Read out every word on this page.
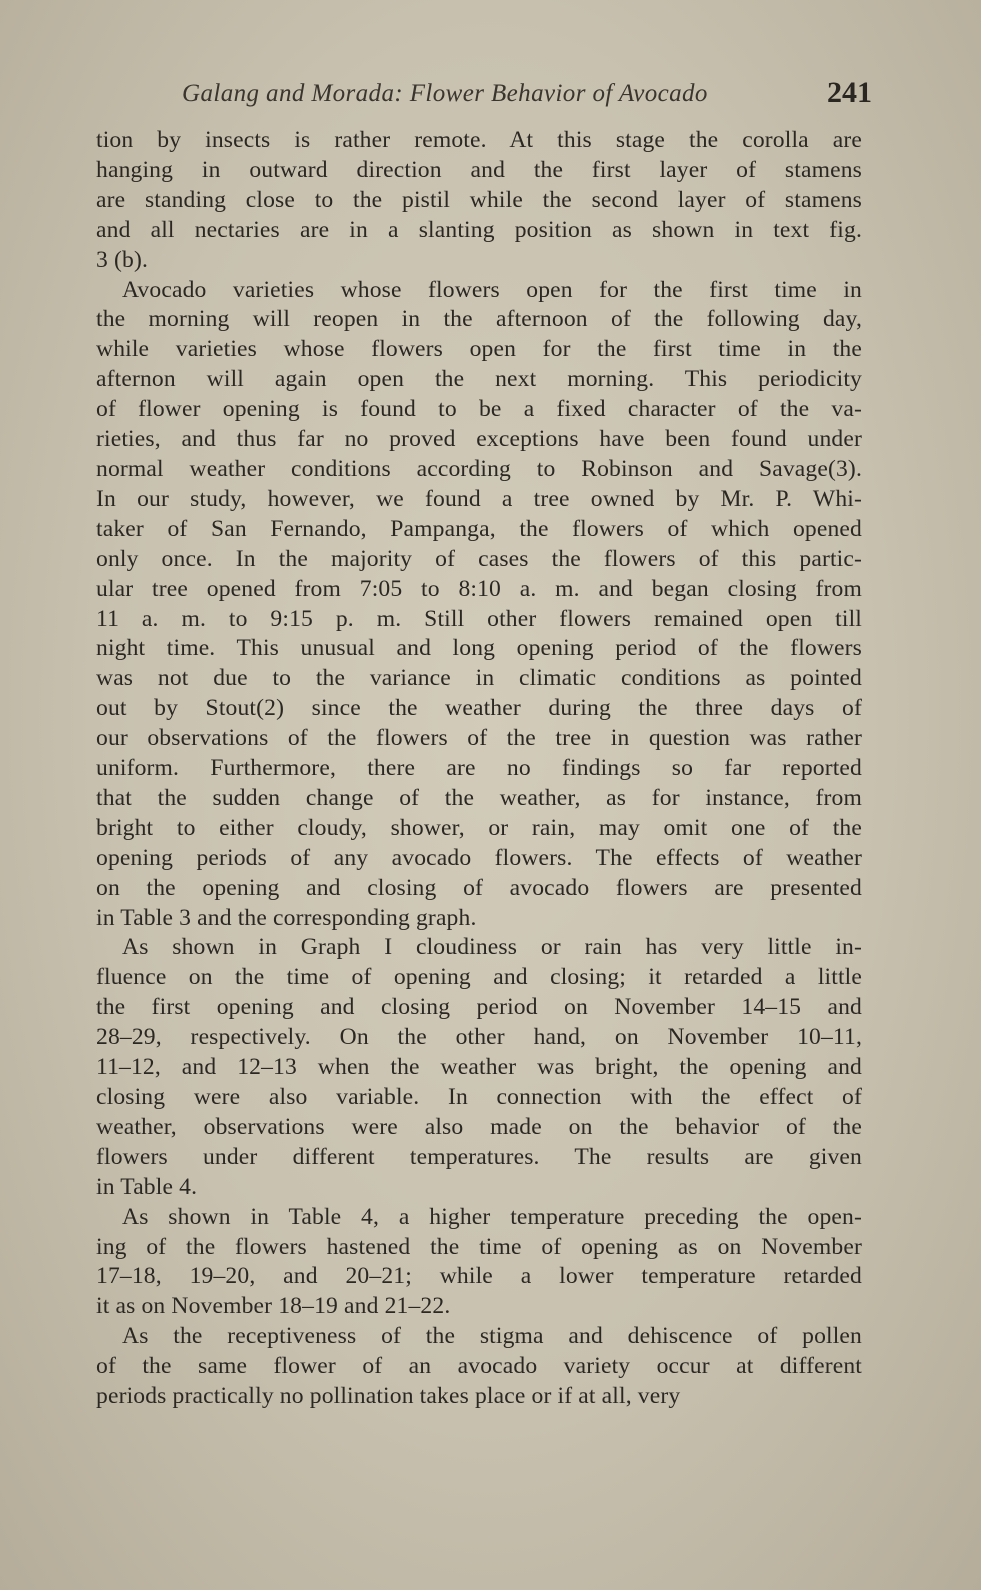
Galang and Morada: Flower Behavior of Avocado	241

tion by insects is rather remote. At this stage the corolla are
hanging in outward direction and the first layer of stamens
are standing close to the pistil while the second layer of stamens
and all nectaries are in a slanting position as shown in text fig.
3 (b).

Avocado varieties whose flowers open for the first time in
the morning will reopen in the afternoon of the following day,
while varieties whose flowers open for the first time in the
afternon will again open the next morning. This periodicity
of flower opening is found to be a fixed character of the va-
rieties, and thus far no proved exceptions have been found under
normal weather conditions according to Robinson and Savage(3).
In our study, however, we found a tree owned by Mr. P. Whi-
taker of San Fernando, Pampanga, the flowers of which opened
only once. In the majority of cases the flowers of this partic-
ular tree opened from 7:05 to 8:10 a. m. and began closing from
11 a. m. to 9:15 p. m. Still other flowers remained open till
night time. This unusual and long opening period of the flowers
was not due to the variance in climatic conditions as pointed
out by Stout(2) since the weather during the three days of
our observations of the flowers of the tree in question was rather
uniform. Furthermore, there are no findings so far reported
that the sudden change of the weather, as for instance, from
bright to either cloudy, shower, or rain, may omit one of the
opening periods of any avocado flowers. The effects of weather
on the opening and closing of avocado flowers are presented
in Table 3 and the corresponding graph.

As shown in Graph I cloudiness or rain has very little in-
fluence on the time of opening and closing; it retarded a little
the first opening and closing period on November 14–15 and
28–29, respectively. On the other hand, on November 10–11,
11–12, and 12–13 when the weather was bright, the opening and
closing were also variable. In connection with the effect of
weather, observations were also made on the behavior of the
flowers under different temperatures. The results are given
in Table 4.

As shown in Table 4, a higher temperature preceding the open-
ing of the flowers hastened the time of opening as on November
17–18, 19–20, and 20–21; while a lower temperature retarded
it as on November 18–19 and 21–22.

As the receptiveness of the stigma and dehiscence of pollen
of the same flower of an avocado variety occur at different
periods practically no pollination takes place or if at all, very
